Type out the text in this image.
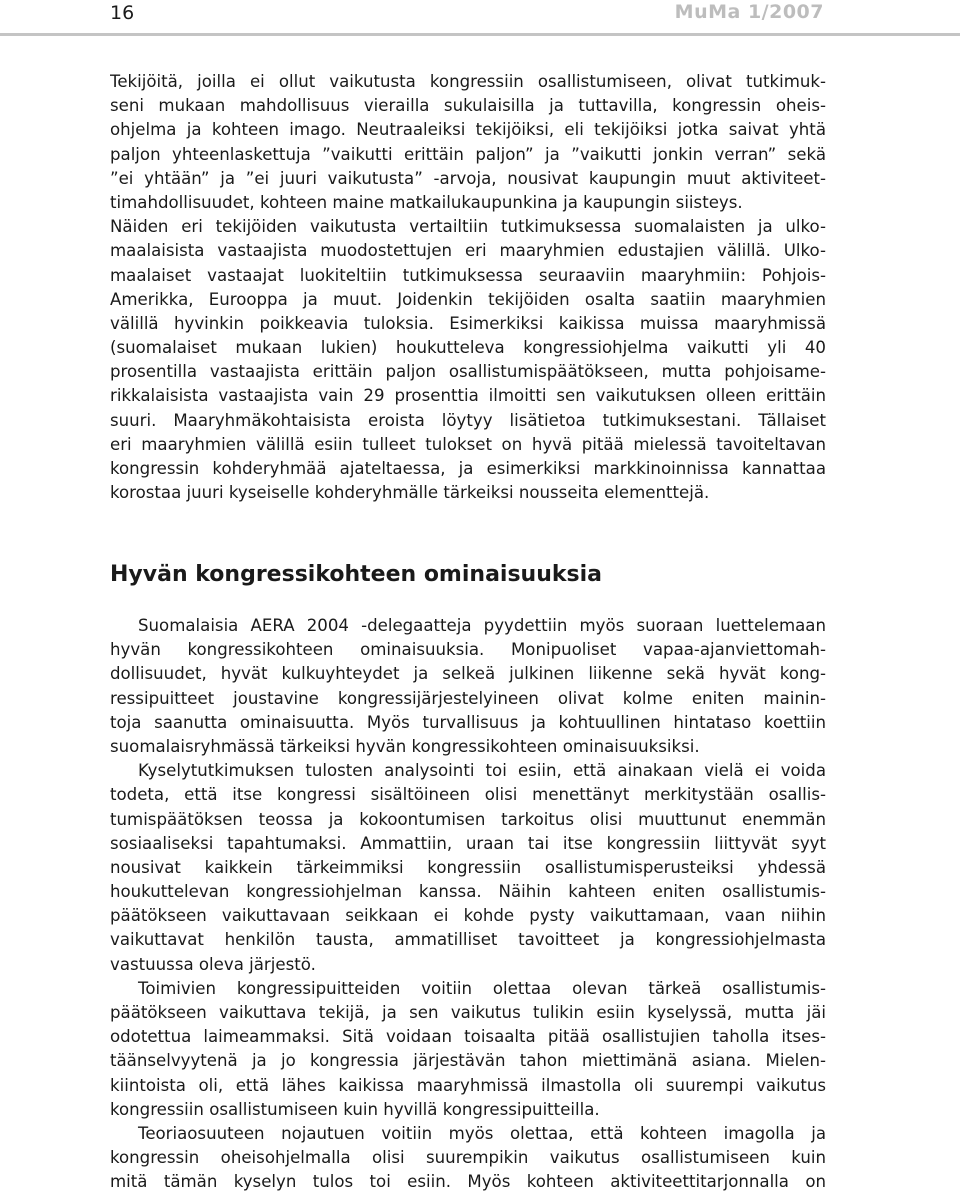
16	MuMa 1/2007
Tekijöitä, joilla ei ollut vaikutusta kongressiin osallistumiseen, olivat tutkimuk-
seni mukaan mahdollisuus vierailla sukulaisilla ja tuttavilla, kongressin oheis-
ohjelma ja kohteen imago. Neutraaleiksi tekijöiksi, eli tekijöiksi jotka saivat yhtä
paljon yhteenlaskettuja ”vaikutti erittäin paljon” ja ”vaikutti jonkin verran” sekä
”ei yhtään” ja ”ei juuri vaikutusta” -arvoja, nousivat kaupungin muut aktiviteet-
timahdollisuudet, kohteen maine matkailukaupunkina ja kaupungin siisteys.
Näiden eri tekijöiden vaikutusta vertailtiin tutkimuksessa suomalaisten ja ulko-
maalaisista vastaajista muodostettujen eri maaryhmien edustajien välillä. Ulko-
maalaiset vastaajat luokiteltiin tutkimuksessa seuraaviin maaryhmiin: Pohjois-
Amerikka, Eurooppa ja muut. Joidenkin tekijöiden osalta saatiin maaryhmien
välillä hyvinkin poikkeavia tuloksia. Esimerkiksi kaikissa muissa maaryhmissä
(suomalaiset mukaan lukien) houkutteleva kongressiohjelma vaikutti yli 40
prosentilla vastaajista erittäin paljon osallistumispäätökseen, mutta pohjoisame-
rikkalaisista vastaajista vain 29 prosenttia ilmoitti sen vaikutuksen olleen erittäin
suuri. Maaryhmäkohtaisista eroista löytyy lisätietoa tutkimuksestani. Tällaiset
eri maaryhmien välillä esiin tulleet tulokset on hyvä pitää mielessä tavoiteltavan
kongressin kohderyhmää ajateltaessa, ja esimerkiksi markkinoinnissa kannattaa
korostaa juuri kyseiselle kohderyhmälle tärkeiksi nousseita elementtejä.
Hyvän kongressikohteen ominaisuuksia
Suomalaisia AERA 2004 -delegaatteja pyydettiin myös suoraan luettelemaan
hyvän kongressikohteen ominaisuuksia. Monipuoliset vapaa-ajanviettomah-
dollisuudet, hyvät kulkuyhteydet ja selkeä julkinen liikenne sekä hyvät kong-
ressipuitteet joustavine kongressijärjestelyineen olivat kolme eniten mainin-
toja saanutta ominaisuutta. Myös turvallisuus ja kohtuullinen hintataso koettiin
suomalaisryhmässä tärkeiksi hyvän kongressikohteen ominaisuuksiksi.
Kyselytutkimuksen tulosten analysointi toi esiin, että ainakaan vielä ei voida
todeta, että itse kongressi sisältöineen olisi menettänyt merkitystään osallis-
tumispäätöksen teossa ja kokoontumisen tarkoitus olisi muuttunut enemmän
sosiaaliseksi tapahtumaksi. Ammattiin, uraan tai itse kongressiin liittyvät syyt
nousivat kaikkein tärkeimmiksi kongressiin osallistumisperusteiksi yhdessä
houkuttelevan kongressiohjelman kanssa. Näihin kahteen eniten osallistumis-
päätökseen vaikuttavaan seikkaan ei kohde pysty vaikuttamaan, vaan niihin
vaikuttavat henkilön tausta, ammatilliset tavoitteet ja kongressiohjelmasta
vastuussa oleva järjestö.
Toimivien kongressipuitteiden voitiin olettaa olevan tärkeä osallistumis-
päätökseen vaikuttava tekijä, ja sen vaikutus tulikin esiin kyselyssä, mutta jäi
odotettua laimeammaksi. Sitä voidaan toisaalta pitää osallistujien taholla itses-
täänselvyytenä ja jo kongressia järjestävän tahon miettimänä asiana. Mielen-
kiintoista oli, että lähes kaikissa maaryhmissä ilmastolla oli suurempi vaikutus
kongressiin osallistumiseen kuin hyvillä kongressipuitteilla.
Teoriaosuuteen nojautuen voitiin myös olettaa, että kohteen imagolla ja
kongressin oheisohjelmalla olisi suurempikin vaikutus osallistumiseen kuin
mitä tämän kyselyn tulos toi esiin. Myös kohteen aktiviteettitarjonnalla on
